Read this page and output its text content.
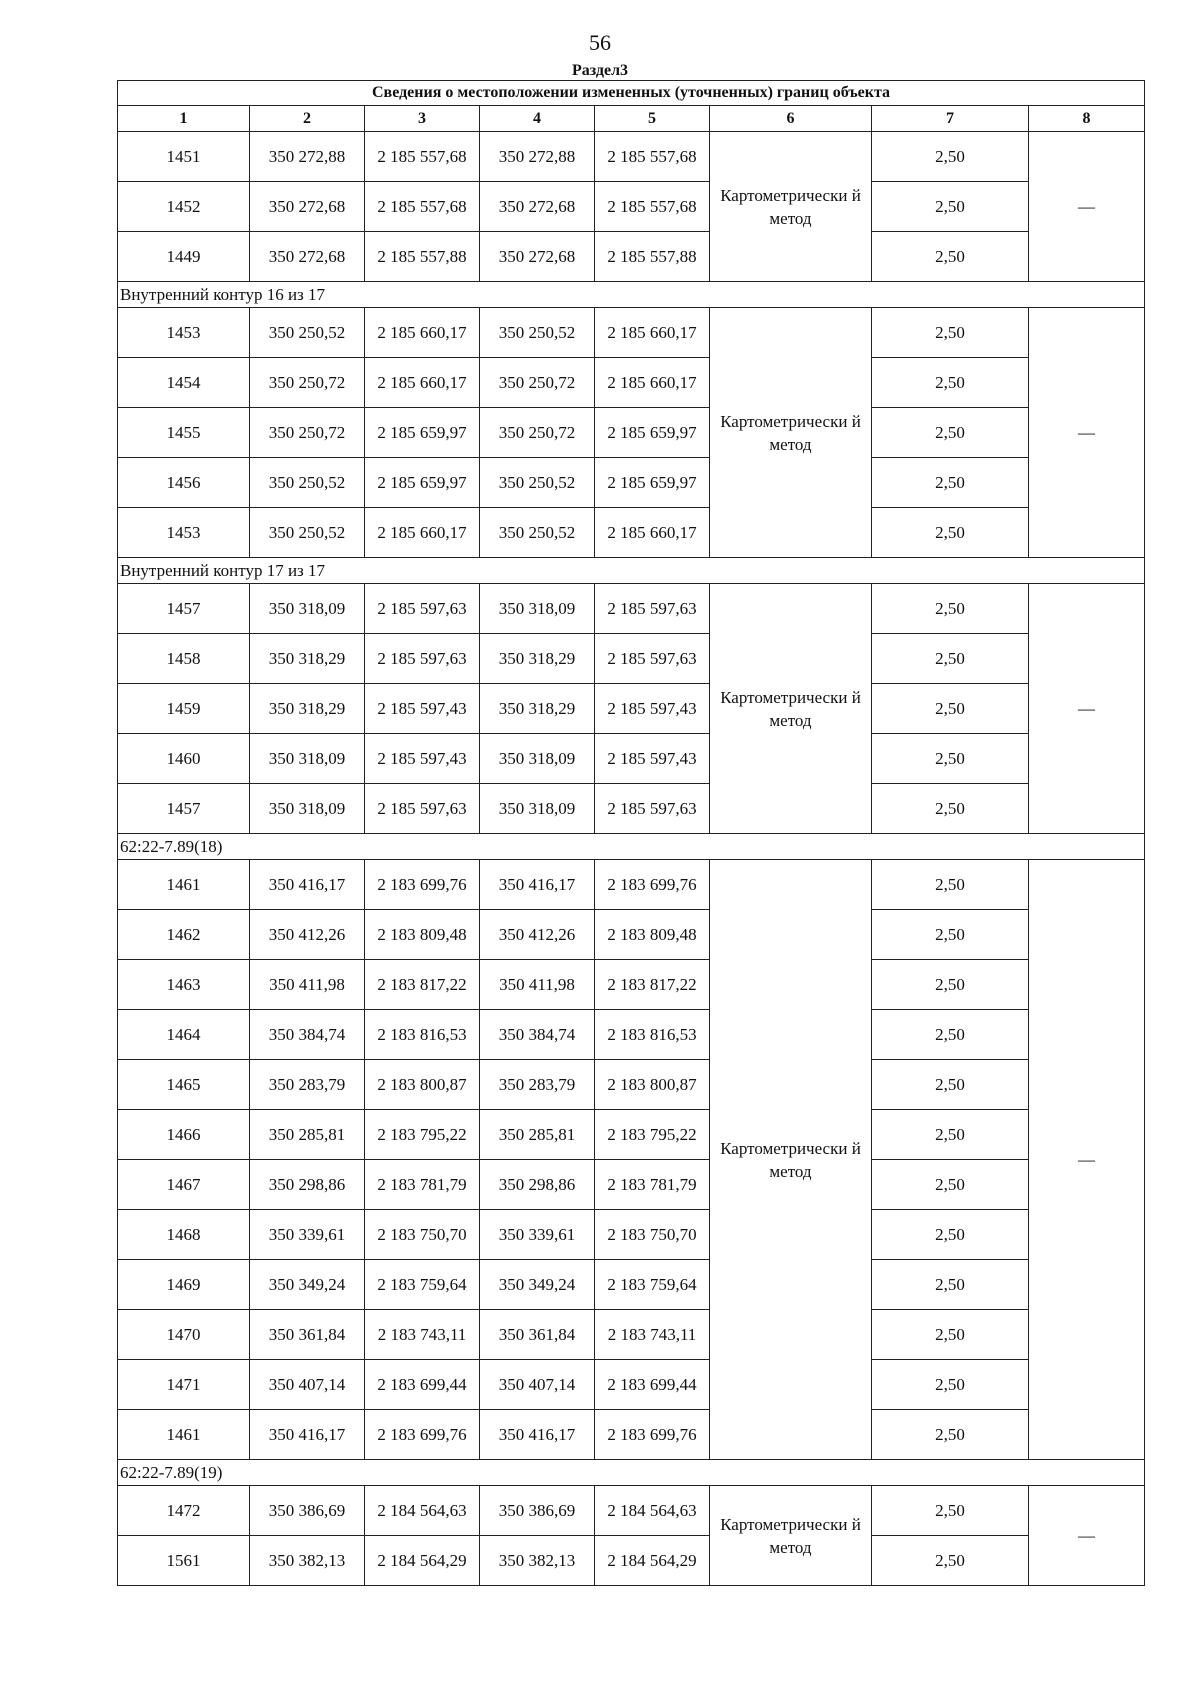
56
Раздел3
Сведения о местоположении измененных (уточненных) границ объекта							
1	2	3	4	5	6	7	8
1451	350 272,88	2 185 557,68	350 272,88	2 185 557,68	Картометрически й метод	2,50	—
1452	350 272,68	2 185 557,68	350 272,68	2 185 557,68		2,50	
1449	350 272,68	2 185 557,88	350 272,68	2 185 557,88		2,50	
Внутренний контур 16 из 17							
1453	350 250,52	2 185 660,17	350 250,52	2 185 660,17	Картометрически й метод	2,50	—
1454	350 250,72	2 185 660,17	350 250,72	2 185 660,17		2,50	
1455	350 250,72	2 185 659,97	350 250,72	2 185 659,97		2,50	
1456	350 250,52	2 185 659,97	350 250,52	2 185 659,97		2,50	
1453	350 250,52	2 185 660,17	350 250,52	2 185 660,17		2,50	
Внутренний контур 17 из 17							
1457	350 318,09	2 185 597,63	350 318,09	2 185 597,63	Картометрически й метод	2,50	—
1458	350 318,29	2 185 597,63	350 318,29	2 185 597,63		2,50	
1459	350 318,29	2 185 597,43	350 318,29	2 185 597,43		2,50	
1460	350 318,09	2 185 597,43	350 318,09	2 185 597,43		2,50	
1457	350 318,09	2 185 597,63	350 318,09	2 185 597,63		2,50	
62:22-7.89(18)							
1461	350 416,17	2 183 699,76	350 416,17	2 183 699,76	Картометрически й метод	2,50	—
1462	350 412,26	2 183 809,48	350 412,26	2 183 809,48		2,50	
1463	350 411,98	2 183 817,22	350 411,98	2 183 817,22		2,50	
1464	350 384,74	2 183 816,53	350 384,74	2 183 816,53		2,50	
1465	350 283,79	2 183 800,87	350 283,79	2 183 800,87		2,50	
1466	350 285,81	2 183 795,22	350 285,81	2 183 795,22		2,50	
1467	350 298,86	2 183 781,79	350 298,86	2 183 781,79		2,50	
1468	350 339,61	2 183 750,70	350 339,61	2 183 750,70		2,50	
1469	350 349,24	2 183 759,64	350 349,24	2 183 759,64		2,50	
1470	350 361,84	2 183 743,11	350 361,84	2 183 743,11		2,50	
1471	350 407,14	2 183 699,44	350 407,14	2 183 699,44		2,50	
1461	350 416,17	2 183 699,76	350 416,17	2 183 699,76		2,50	
62:22-7.89(19)							
1472	350 386,69	2 184 564,63	350 386,69	2 184 564,63	Картометрически й метод	2,50	—
1561	350 382,13	2 184 564,29	350 382,13	2 184 564,29		2,50	
